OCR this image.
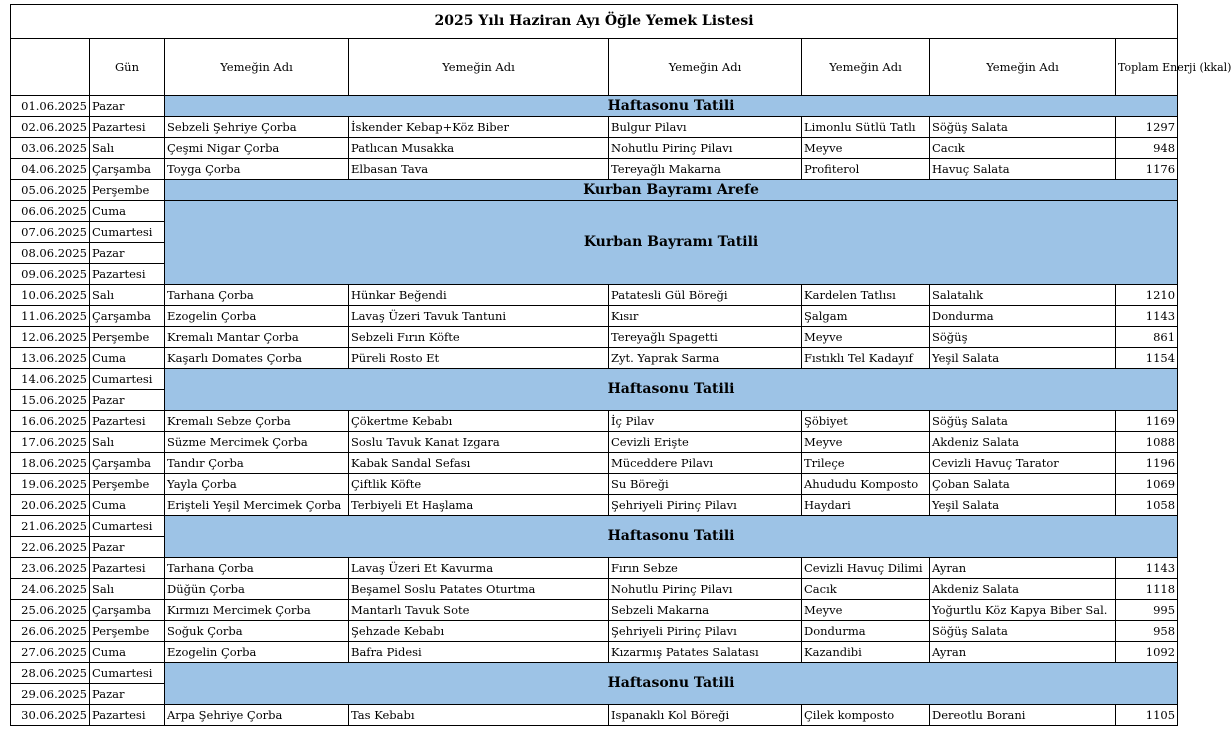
2025 Yılı Haziran Ayı Öğle Yemek Listesi							
	Gün	Yemeğin Adı	Yemeğin Adı	Yemeğin Adı	Yemeğin Adı	Yemeğin Adı	Toplam Enerji (kkal)
01.06.2025	Pazar	Haftasonu Tatili					
02.06.2025	Pazartesi	Sebzeli Şehriye Çorba	İskender Kebap+Köz Biber	Bulgur Pilavı	Limonlu Sütlü Tatlı	Söğüş Salata	1297
03.06.2025	Salı	Çeşmi Nigar Çorba	Patlıcan Musakka	Nohutlu Pirinç Pilavı	Meyve	Cacık	948
04.06.2025	Çarşamba	Toyga Çorba	Elbasan Tava	Tereyağlı Makarna	Profiterol	Havuç Salata	1176
05.06.2025	Perşembe	Kurban Bayramı Arefe					
06.06.2025	Cuma	Kurban Bayramı Tatili					
07.06.2025	Cumartesi						
08.06.2025	Pazar						
09.06.2025	Pazartesi						
10.06.2025	Salı	Tarhana Çorba	Hünkar Beğendi	Patatesli Gül Böreği	Kardelen Tatlısı	Salatalık	1210
11.06.2025	Çarşamba	Ezogelin Çorba	Lavaş Üzeri Tavuk Tantuni	Kısır	Şalgam	Dondurma	1143
12.06.2025	Perşembe	Kremalı Mantar Çorba	Sebzeli Fırın Köfte	Tereyağlı Spagetti	Meyve	Söğüş	861
13.06.2025	Cuma	Kaşarlı Domates Çorba	Püreli Rosto Et	Zyt. Yaprak Sarma	Fıstıklı Tel Kadayıf	Yeşil Salata	1154
14.06.2025	Cumartesi	Haftasonu Tatili					
15.06.2025	Pazar						
16.06.2025	Pazartesi	Kremalı Sebze Çorba	Çökertme Kebabı	İç Pilav	Şöbiyet	Söğüş Salata	1169
17.06.2025	Salı	Süzme Mercimek Çorba	Soslu Tavuk Kanat Izgara	Cevizli Erişte	Meyve	Akdeniz Salata	1088
18.06.2025	Çarşamba	Tandır Çorba	Kabak Sandal Sefası	Müceddere Pilavı	Trileçe	Cevizli Havuç Tarator	1196
19.06.2025	Perşembe	Yayla Çorba	Çiftlik Köfte	Su Böreği	Ahududu Komposto	Çoban Salata	1069
20.06.2025	Cuma	Erişteli Yeşil Mercimek Çorba	Terbiyeli Et Haşlama	Şehriyeli Pirinç Pilavı	Haydari	Yeşil Salata	1058
21.06.2025	Cumartesi	Haftasonu Tatili					
22.06.2025	Pazar						
23.06.2025	Pazartesi	Tarhana Çorba	Lavaş Üzeri Et Kavurma	Fırın Sebze	Cevizli Havuç Dilimi	Ayran	1143
24.06.2025	Salı	Düğün Çorba	Beşamel Soslu Patates Oturtma	Nohutlu Pirinç Pilavı	Cacık	Akdeniz Salata	1118
25.06.2025	Çarşamba	Kırmızı Mercimek Çorba	Mantarlı Tavuk Sote	Sebzeli Makarna	Meyve	Yoğurtlu Köz Kapya Biber Sal.	995
26.06.2025	Perşembe	Soğuk Çorba	Şehzade Kebabı	Şehriyeli Pirinç Pilavı	Dondurma	Söğüş Salata	958
27.06.2025	Cuma	Ezogelin Çorba	Bafra Pidesi	Kızarmış Patates Salatası	Kazandibi	Ayran	1092
28.06.2025	Cumartesi	Haftasonu Tatili					
29.06.2025	Pazar						
30.06.2025	Pazartesi	Arpa Şehriye Çorba	Tas Kebabı	Ispanaklı Kol Böreği	Çilek komposto	Dereotlu Borani	1105
